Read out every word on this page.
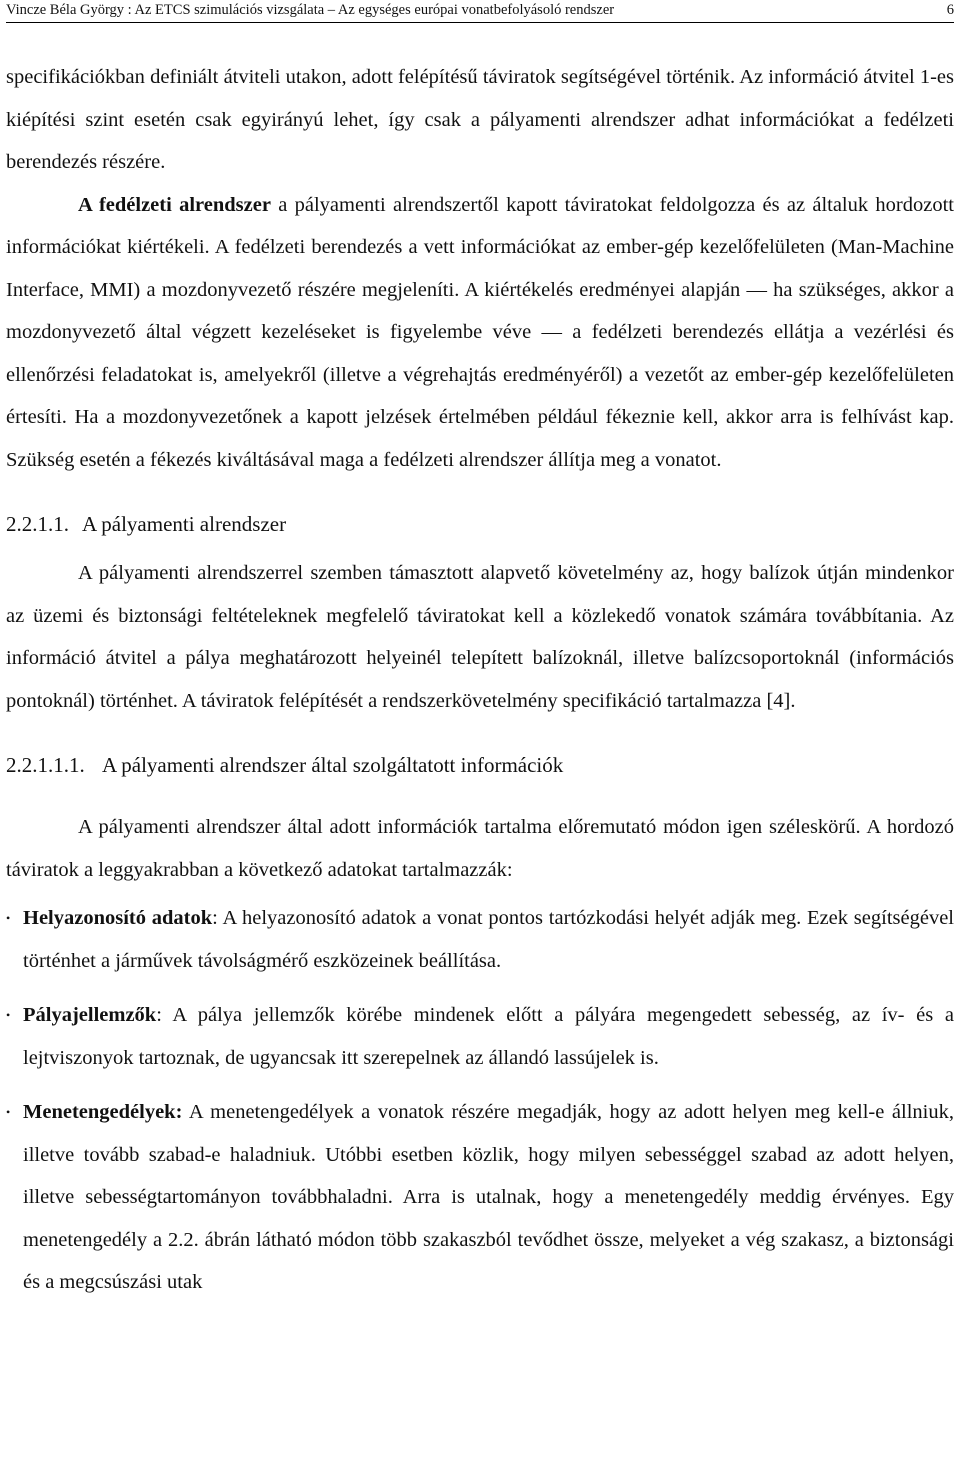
Vincze Béla György : Az ETCS szimulációs vizsgálata – Az egységes európai vonatbefolyásoló rendszer	6

specifikációkban definiált átviteli utakon, adott felépítésű táviratok segítségével történik. Az információ átvitel 1-es kiépítési szint esetén csak egyirányú lehet, így csak a pályamenti alrendszer adhat információkat a fedélzeti berendezés részére.

A fedélzeti alrendszer a pályamenti alrendszertől kapott táviratokat feldolgozza és az általuk hordozott információkat kiértékeli. A fedélzeti berendezés a vett információkat az ember-gép kezelőfelületen (Man-Machine Interface, MMI) a mozdonyvezető részére megjeleníti. A kiértékelés eredményei alapján — ha szükséges, akkor a mozdonyvezető által végzett kezeléseket is figyelembe véve — a fedélzeti berendezés ellátja a vezérlési és ellenőrzési feladatokat is, amelyekről (illetve a végrehajtás eredményéről) a vezetőt az ember-gép kezelőfelületen értesíti. Ha a mozdonyvezetőnek a kapott jelzések értelmében például fékeznie kell, akkor arra is felhívást kap. Szükség esetén a fékezés kiváltásával maga a fedélzeti alrendszer állítja meg a vonatot.

2.2.1.1. A pályamenti alrendszer

A pályamenti alrendszerrel szemben támasztott alapvető követelmény az, hogy balízok útján mindenkor az üzemi és biztonsági feltételeknek megfelelő táviratokat kell a közlekedő vonatok számára továbbítania. Az információ átvitel a pálya meghatározott helyeinél telepített balízoknál, illetve balízcsoportoknál (információs pontoknál) történhet. A táviratok felépítését a rendszerkövetelmény specifikáció tartalmazza [4].

2.2.1.1.1. A pályamenti alrendszer által szolgáltatott információk

A pályamenti alrendszer által adott információk tartalma előremutató módon igen széleskörű. A hordozó táviratok a leggyakrabban a következő adatokat tartalmazzák:

• Helyazonosító adatok: A helyazonosító adatok a vonat pontos tartózkodási helyét adják meg. Ezek segítségével történhet a járművek távolságmérő eszközeinek beállítása.
• Pályajellemzők: A pálya jellemzők körébe mindenek előtt a pályára megengedett sebesség, az ív- és a lejtviszonyok tartoznak, de ugyancsak itt szerepelnek az állandó lassújelek is.
• Menetengedélyek: A menetengedélyek a vonatok részére megadják, hogy az adott helyen meg kell-e állniuk, illetve tovább szabad-e haladniuk. Utóbbi esetben közlik, hogy milyen sebességgel szabad az adott helyen, illetve sebességtartományon továbbhaladni. Arra is utalnak, hogy a menetengedély meddig érvényes. Egy menetengedély a 2.2. ábrán látható módon több szakaszból tevődhet össze, melyeket a vég szakasz, a biztonsági és a megcsúszási utak
